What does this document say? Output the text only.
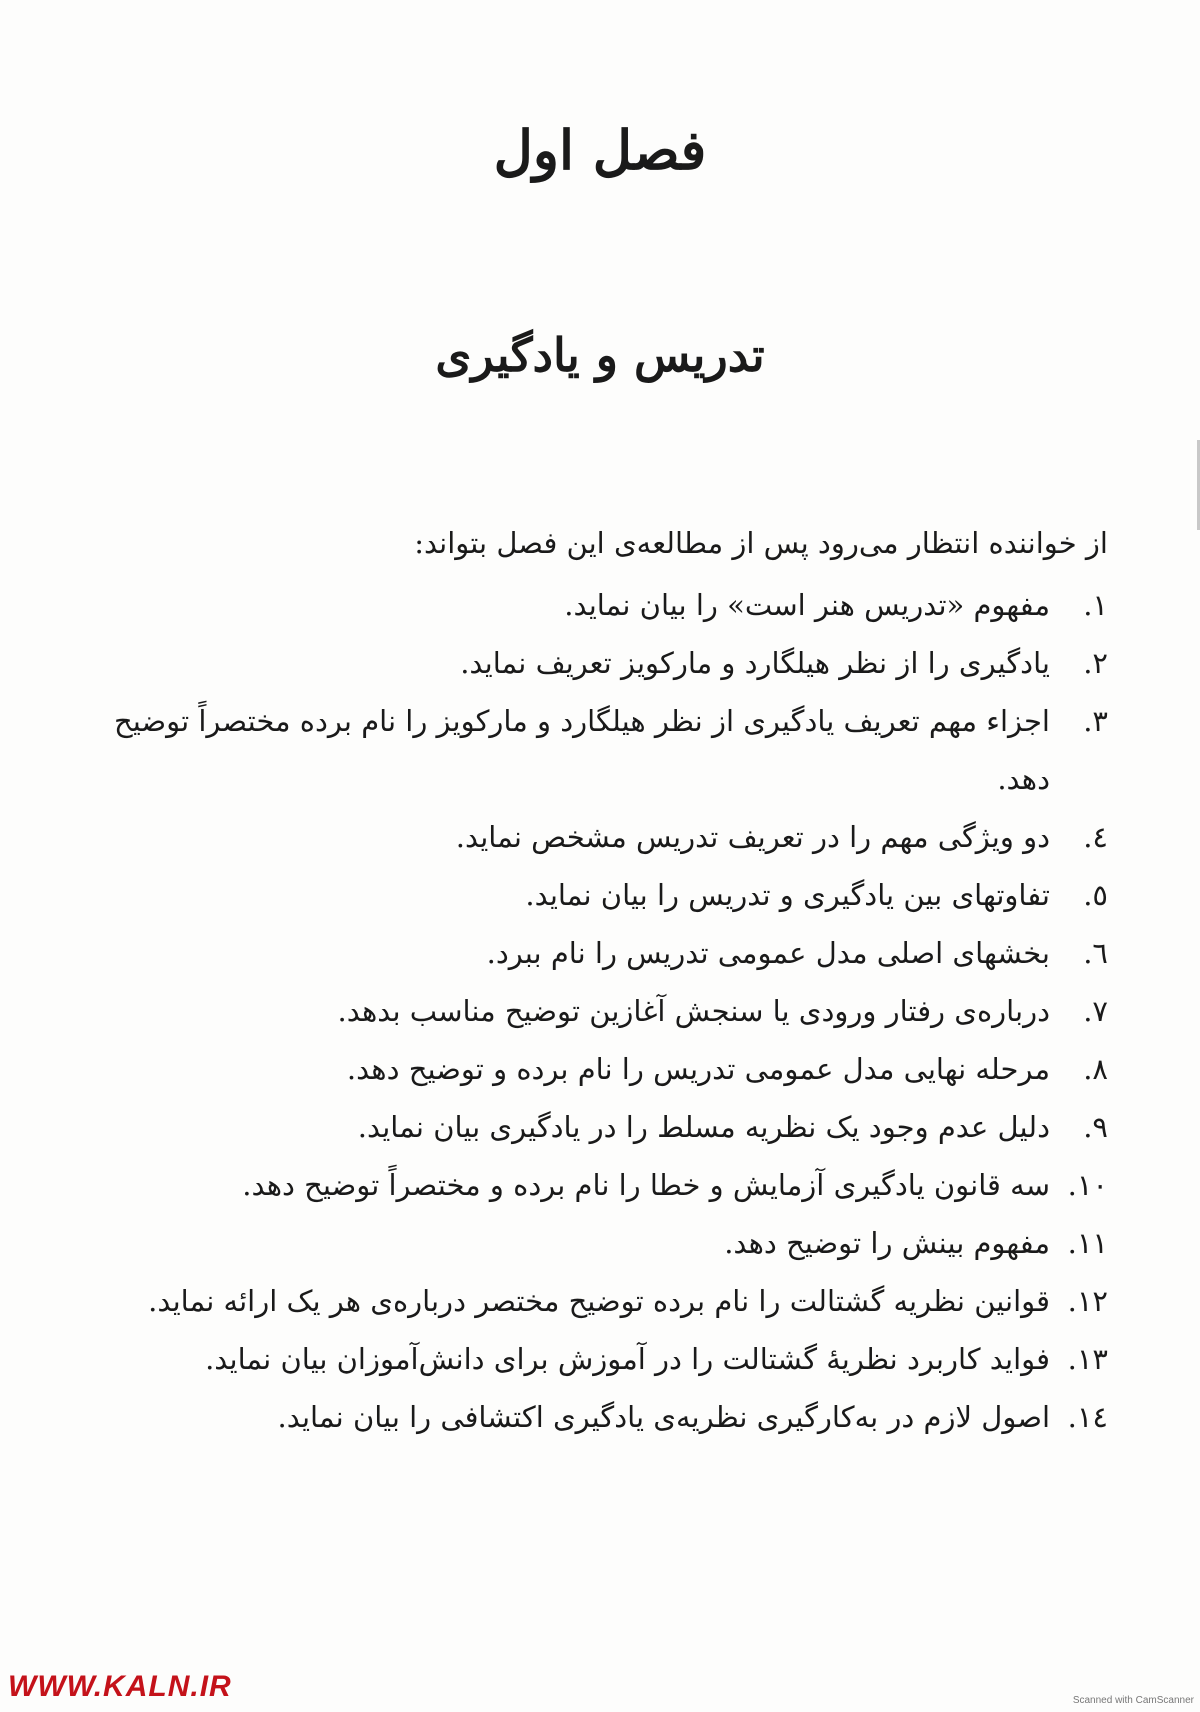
فصل اول
تدریس و یادگیری
از خواننده انتظار می‌رود پس از مطالعه‌ی این فصل بتواند:
۱.
مفهوم «تدریس هنر است» را بیان نماید.
۲.
یادگیری را از نظر هیلگارد و مارکویز تعریف نماید.
۳.
اجزاء مهم تعریف یادگیری از نظر هیلگارد و مارکویز را نام برده مختصراً توضیح دهد.
٤.
دو ویژگی مهم را در تعریف تدریس مشخص نماید.
٥.
تفاوتهای بین یادگیری و تدریس را بیان نماید.
٦.
بخشهای اصلی مدل عمومی تدریس را نام ببرد.
۷.
درباره‌ی رفتار ورودی یا سنجش آغازین توضیح مناسب بدهد.
۸.
مرحله نهایی مدل عمومی تدریس را نام برده و توضیح دهد.
۹.
دلیل عدم وجود یک نظریه مسلط را در یادگیری بیان نماید.
۱۰.
سه قانون یادگیری آزمایش و خطا را نام برده و مختصراً توضیح دهد.
۱۱.
مفهوم بینش را توضیح دهد.
۱۲.
قوانین نظریه گشتالت را نام برده توضیح مختصر درباره‌ی هر یک ارائه نماید.
۱۳.
فواید کاربرد نظریهٔ گشتالت را در آموزش برای دانش‌آموزان بیان نماید.
۱٤.
اصول لازم در به‌کارگیری نظریه‌ی یادگیری اکتشافی را بیان نماید.
WWW.KALN.IR	Scanned with CamScanner
